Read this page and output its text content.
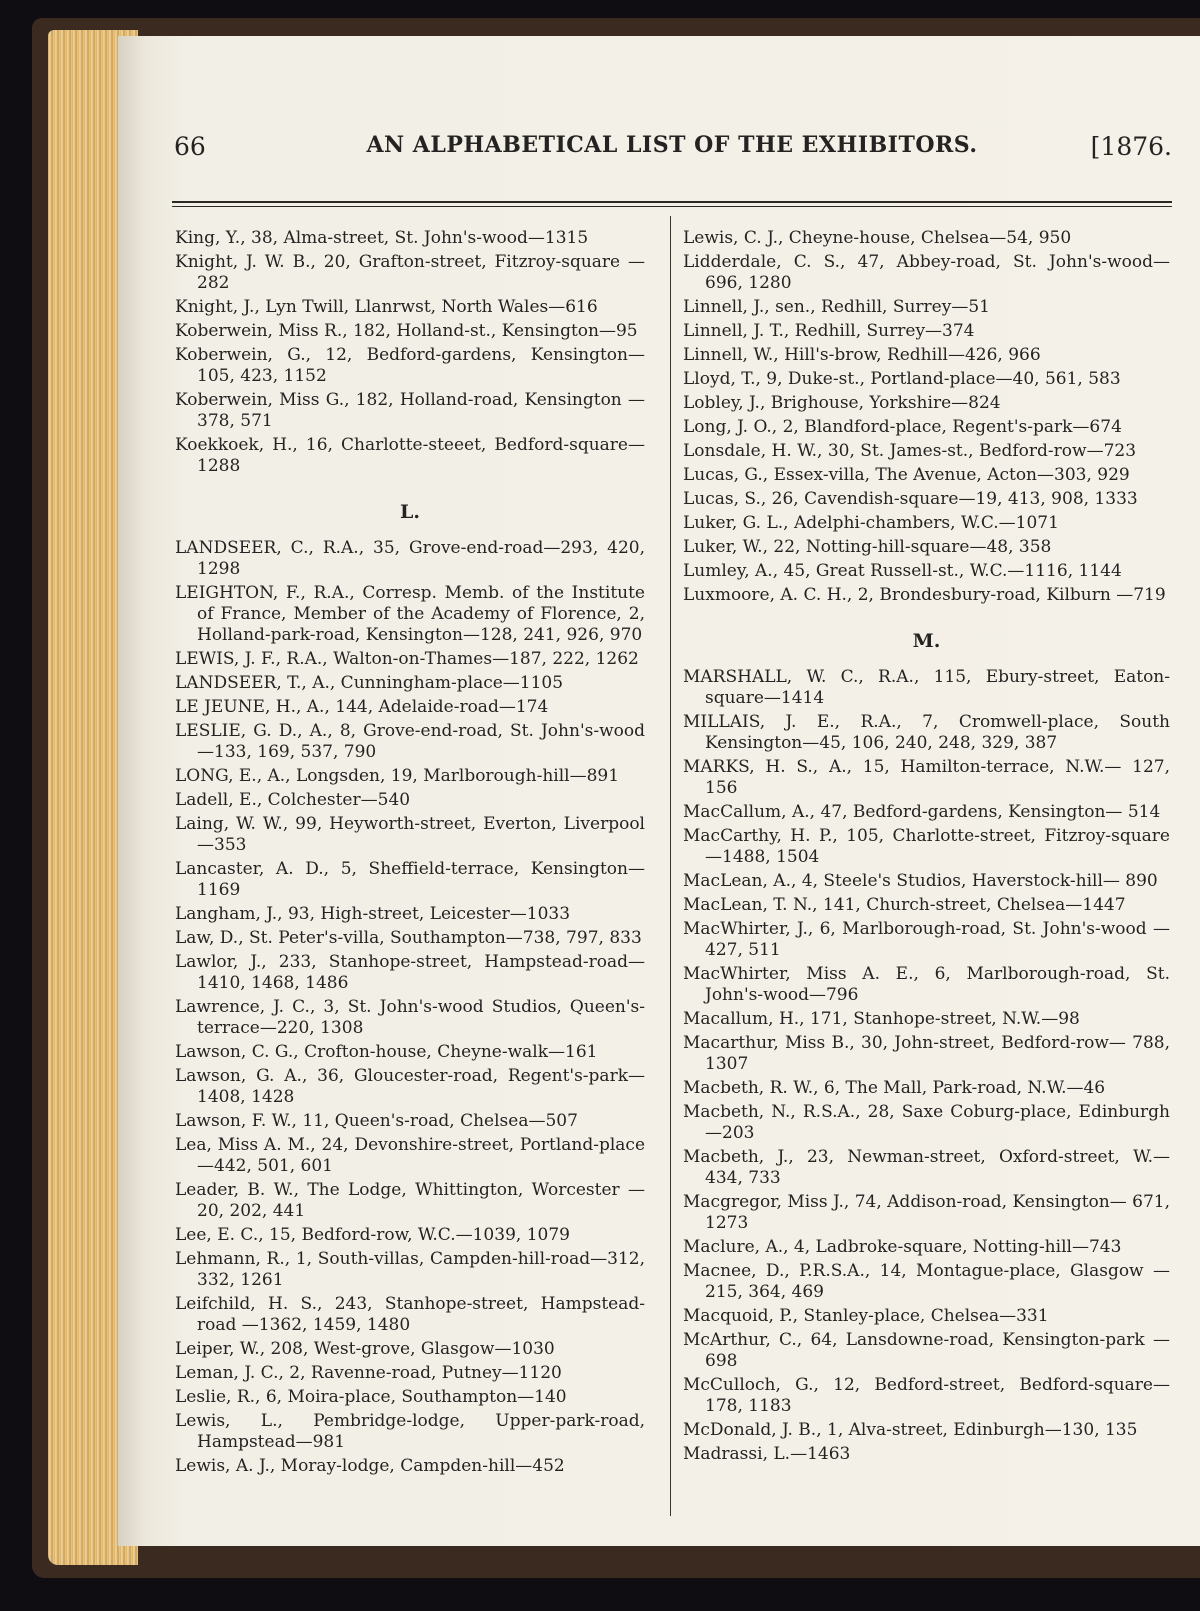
66	AN ALPHABETICAL LIST OF THE EXHIBITORS.	[1876.
King, Y., 38, Alma-street, St. John's-wood—1315
Knight, J. W. B., 20, Grafton-street, Fitzroy-square —282
Knight, J., Lyn Twill, Llanrwst, North Wales—616
Koberwein, Miss R., 182, Holland-st., Kensington—95
Koberwein, G., 12, Bedford-gardens, Kensington—105, 423, 1152
Koberwein, Miss G., 182, Holland-road, Kensington —378, 571
Koekkoek, H., 16, Charlotte-steeet, Bedford-square— 1288
L.
LANDSEER, C., R.A., 35, Grove-end-road—293, 420, 1298
LEIGHTON, F., R.A., Corresp. Memb. of the Institute of France, Member of the Academy of Florence, 2, Holland-park-road, Kensington—128, 241, 926, 970
LEWIS, J. F., R.A., Walton-on-Thames—187, 222, 1262
LANDSEER, T., A., Cunningham-place—1105
LE JEUNE, H., A., 144, Adelaide-road—174
LESLIE, G. D., A., 8, Grove-end-road, St. John's-wood—133, 169, 537, 790
LONG, E., A., Longsden, 19, Marlborough-hill—891
Ladell, E., Colchester—540
Laing, W. W., 99, Heyworth-street, Everton, Liverpool—353
Lancaster, A. D., 5, Sheffield-terrace, Kensington— 1169
Langham, J., 93, High-street, Leicester—1033
Law, D., St. Peter's-villa, Southampton—738, 797, 833
Lawlor, J., 233, Stanhope-street, Hampstead-road— 1410, 1468, 1486
Lawrence, J. C., 3, St. John's-wood Studios, Queen's-terrace—220, 1308
Lawson, C. G., Crofton-house, Cheyne-walk—161
Lawson, G. A., 36, Gloucester-road, Regent's-park— 1408, 1428
Lawson, F. W., 11, Queen's-road, Chelsea—507
Lea, Miss A. M., 24, Devonshire-street, Portland-place —442, 501, 601
Leader, B. W., The Lodge, Whittington, Worcester —20, 202, 441
Lee, E. C., 15, Bedford-row, W.C.—1039, 1079
Lehmann, R., 1, South-villas, Campden-hill-road—312, 332, 1261
Leifchild, H. S., 243, Stanhope-street, Hampstead-road —1362, 1459, 1480
Leiper, W., 208, West-grove, Glasgow—1030
Leman, J. C., 2, Ravenne-road, Putney—1120
Leslie, R., 6, Moira-place, Southampton—140
Lewis, L., Pembridge-lodge, Upper-park-road, Hampstead—981
Lewis, A. J., Moray-lodge, Campden-hill—452
Lewis, C. J., Cheyne-house, Chelsea—54, 950
Lidderdale, C. S., 47, Abbey-road, St. John's-wood— 696, 1280
Linnell, J., sen., Redhill, Surrey—51
Linnell, J. T., Redhill, Surrey—374
Linnell, W., Hill's-brow, Redhill—426, 966
Lloyd, T., 9, Duke-st., Portland-place—40, 561, 583
Lobley, J., Brighouse, Yorkshire—824
Long, J. O., 2, Blandford-place, Regent's-park—674
Lonsdale, H. W., 30, St. James-st., Bedford-row—723
Lucas, G., Essex-villa, The Avenue, Acton—303, 929
Lucas, S., 26, Cavendish-square—19, 413, 908, 1333
Luker, G. L., Adelphi-chambers, W.C.—1071
Luker, W., 22, Notting-hill-square—48, 358
Lumley, A., 45, Great Russell-st., W.C.—1116, 1144
Luxmoore, A. C. H., 2, Brondesbury-road, Kilburn —719
M.
MARSHALL, W. C., R.A., 115, Ebury-street, Eaton-square—1414
MILLAIS, J. E., R.A., 7, Cromwell-place, South Kensington—45, 106, 240, 248, 329, 387
MARKS, H. S., A., 15, Hamilton-terrace, N.W.— 127, 156
MacCallum, A., 47, Bedford-gardens, Kensington— 514
MacCarthy, H. P., 105, Charlotte-street, Fitzroy-square—1488, 1504
MacLean, A., 4, Steele's Studios, Haverstock-hill— 890
MacLean, T. N., 141, Church-street, Chelsea—1447
MacWhirter, J., 6, Marlborough-road, St. John's-wood —427, 511
MacWhirter, Miss A. E., 6, Marlborough-road, St. John's-wood—796
Macallum, H., 171, Stanhope-street, N.W.—98
Macarthur, Miss B., 30, John-street, Bedford-row— 788, 1307
Macbeth, R. W., 6, The Mall, Park-road, N.W.—46
Macbeth, N., R.S.A., 28, Saxe Coburg-place, Edinburgh—203
Macbeth, J., 23, Newman-street, Oxford-street, W.— 434, 733
Macgregor, Miss J., 74, Addison-road, Kensington— 671, 1273
Maclure, A., 4, Ladbroke-square, Notting-hill—743
Macnee, D., P.R.S.A., 14, Montague-place, Glasgow —215, 364, 469
Macquoid, P., Stanley-place, Chelsea—331
McArthur, C., 64, Lansdowne-road, Kensington-park —698
McCulloch, G., 12, Bedford-street, Bedford-square— 178, 1183
McDonald, J. B., 1, Alva-street, Edinburgh—130, 135
Madrassi, L.—1463
